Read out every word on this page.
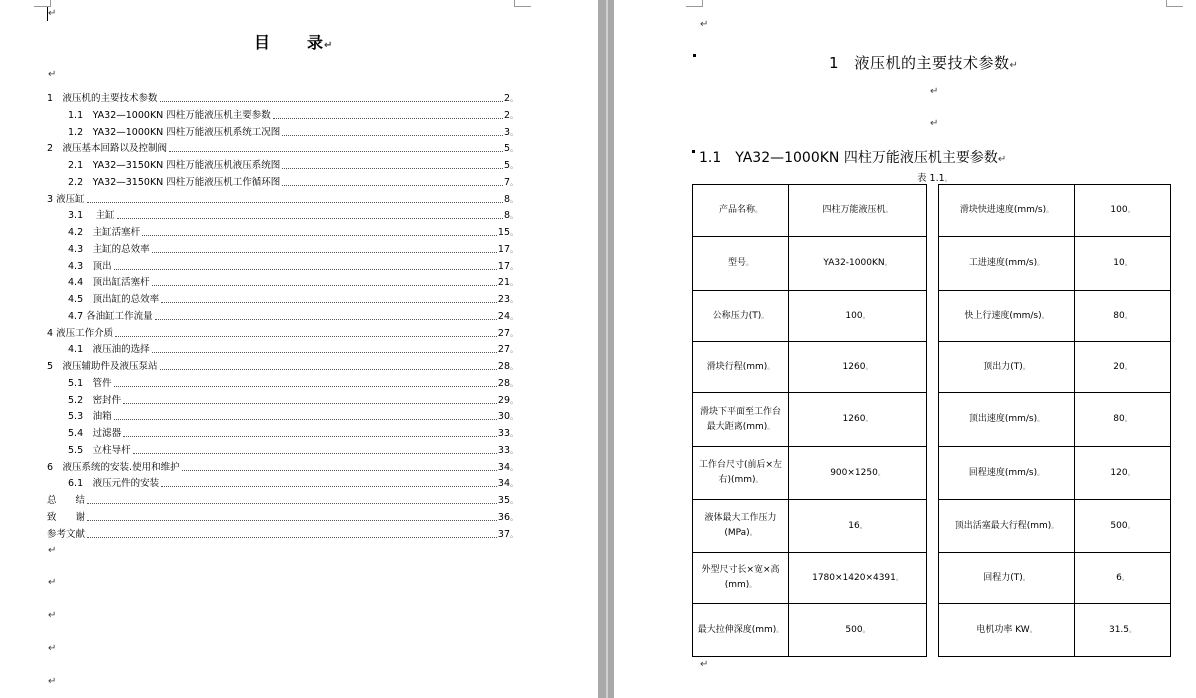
↵
目 录↵
↵
1　液压机的主要技术参数	2 。
1.1　YA32—1000KN 四柱万能液压机主要参数	2 。
1.2　YA32—1000KN 四柱万能液压机系统工况图	3 。
2　液压基本回路以及控制阀	5 。
2.1　YA32—3150KN 四柱万能液压机液压系统图	5 。
2.2　YA32—3150KN 四柱万能液压机工作循环图	7 。
3 液压缸	8 。
3.1　 主缸	8 。
4.2　主缸活塞杆	15 。
4.3　主缸的总效率	17 。
4.3　顶出	17 。
4.4　顶出缸活塞杆	21 。
4.5　顶出缸的总效率	23 。
4.7 各油缸工作流量	24 。
4 液压工作介质	27 。
4.1　液压油的选择	27 。
5　液压辅助件及液压泵站	28 。
5.1　管件	28 。
5.2　密封件	29 。
5.3　油箱	30 。
5.4　过滤器	33 。
5.5　立柱导杆	33 。
6　液压系统的安装.使用和维护	34 。
6.1　液压元件的安装	34 。
总　　结	35 。
致　　谢	36 。
参考文献	37 。
↵
↵
↵
↵
↵
↵
1　液压机的主要技术参数↵
↵
↵
1.1　YA32—1000KN 四柱万能液压机主要参数↵
表 1.1。
产品名称。	四柱万能液压机。		滑块快进速度(mm/s)。	100。
型号。	YA32-1000KN。		工进速度(mm/s)。	10。
公称压力(T)。	100。		快上行速度(mm/s)。	80。
滑块行程(mm)。	1260。		顶出力(T)。	20。
滑块下平面至工作台最大距离(mm)。	1260。		顶出速度(mm/s)。	80。
工作台尺寸(前后×左右)(mm)。	900×1250。		回程速度(mm/s)。	120。
液体最大工作压力(MPa)。	16。		顶出活塞最大行程(mm)。	500。
外型尺寸长×宽×高(mm)。	1780×1420×4391。		回程力(T)。	6。
最大拉伸深度(mm)。	500。		电机功率 KW。	31.5。
↵
